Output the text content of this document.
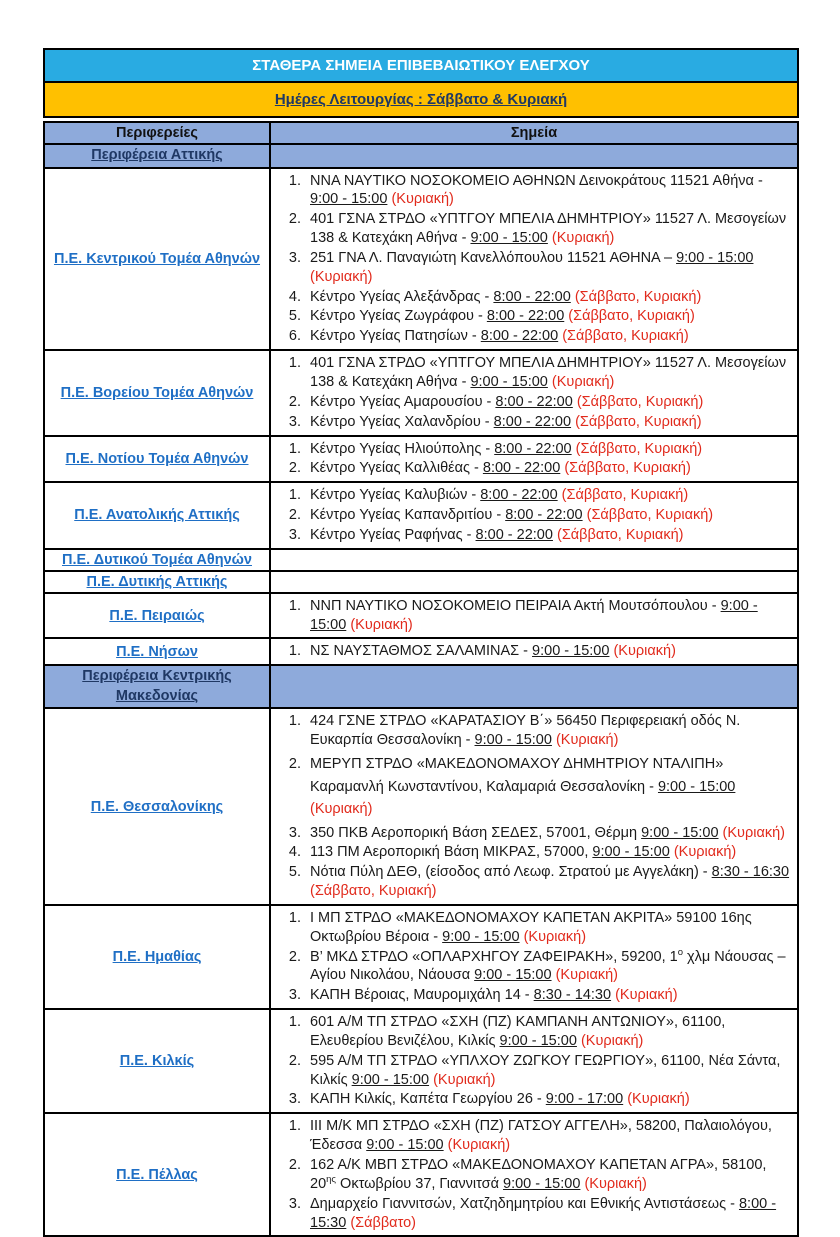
ΣΤΑΘΕΡΑ ΣΗΜΕΙΑ ΕΠΙΒΕΒΑΙΩΤΙΚΟΥ ΕΛΕΓΧΟΥ
Ημέρες Λειτουργίας : Σάββατο & Κυριακή
Περιφερείες	Σημεία

Περιφέρεια Αττικής	

Π.Ε. Κεντρικού Τομέα Αθηνών	
1. ΝΝΑ ΝΑΥΤΙΚΟ ΝΟΣΟΚΟΜΕΙΟ ΑΘΗΝΩΝ Δεινοκράτους 11521 Αθήνα - 9:00 - 15:00 (Κυριακή)
2. 401 ΓΣΝΑ ΣΤΡΔΟ «ΥΠΤΓΟΥ ΜΠΕΛΙΑ ΔΗΜΗΤΡΙΟΥ» 11527 Λ. Μεσογείων 138 & Κατεχάκη Αθήνα - 9:00 - 15:00 (Κυριακή)
3. 251 ΓΝΑ Λ. Παναγιώτη Κανελλόπουλου 11521 ΑΘΗΝΑ – 9:00 - 15:00 (Κυριακή)
4. Κέντρο Υγείας Αλεξάνδρας - 8:00 - 22:00 (Σάββατο, Κυριακή)
5. Κέντρο Υγείας Ζωγράφου - 8:00 - 22:00 (Σάββατο, Κυριακή)
6. Κέντρο Υγείας Πατησίων - 8:00 - 22:00 (Σάββατο, Κυριακή)

Π.Ε. Βορείου Τομέα Αθηνών	
1. 401 ΓΣΝΑ ΣΤΡΔΟ «ΥΠΤΓΟΥ ΜΠΕΛΙΑ ΔΗΜΗΤΡΙΟΥ» 11527 Λ. Μεσογείων 138 & Κατεχάκη Αθήνα - 9:00 - 15:00 (Κυριακή)
2. Κέντρο Υγείας Αμαρουσίου - 8:00 - 22:00 (Σάββατο, Κυριακή)
3. Κέντρο Υγείας Χαλανδρίου - 8:00 - 22:00 (Σάββατο, Κυριακή)

Π.Ε. Νοτίου Τομέα Αθηνών	
1. Κέντρο Υγείας Ηλιούπολης - 8:00 - 22:00 (Σάββατο, Κυριακή)
2. Κέντρο Υγείας Καλλιθέας - 8:00 - 22:00 (Σάββατο, Κυριακή)

Π.Ε. Ανατολικής Αττικής	
1. Κέντρο Υγείας Καλυβιών - 8:00 - 22:00 (Σάββατο, Κυριακή)
2. Κέντρο Υγείας Καπανδριτίου - 8:00 - 22:00 (Σάββατο, Κυριακή)
3. Κέντρο Υγείας Ραφήνας - 8:00 - 22:00 (Σάββατο, Κυριακή)

Π.Ε. Δυτικού Τομέα Αθηνών	
Π.Ε. Δυτικής Αττικής	
Π.Ε. Πειραιώς	
1. ΝΝΠ ΝΑΥΤΙΚΟ ΝΟΣΟΚΟΜΕΙΟ ΠΕΙΡΑΙΑ Ακτή Μουτσόπουλου - 9:00 - 15:00 (Κυριακή)

Π.Ε. Νήσων	
1.ΝΣ ΝΑΥΣΤΑΘΜΟΣ ΣΑΛΑΜΙΝΑΣ - 9:00 - 15:00 (Κυριακή)

Περιφέρεια Κεντρικής Μακεδονίας	

Π.Ε. Θεσσαλονίκης	
1. 424 ΓΣΝΕ ΣΤΡΔΟ «ΚΑΡΑΤΑΣΙΟΥ Β΄» 56450 Περιφερειακή οδός Ν. Ευκαρπία Θεσσαλονίκη - 9:00 - 15:00 (Κυριακή)
2. ΜΕΡΥΠ ΣΤΡΔΟ «ΜΑΚΕΔΟΝΟΜΑΧΟΥ ΔΗΜΗΤΡΙΟΥ ΝΤΑΛΙΠΗ» Καραμανλή Κωνσταντίνου, Καλαμαριά Θεσσαλονίκη - 9:00 - 15:00 (Κυριακή)
3. 350 ΠΚΒ Αεροπορική Βάση ΣΕΔΕΣ, 57001, Θέρμη 9:00 - 15:00 (Κυριακή)
4. 113 ΠΜ Αεροπορική Βάση ΜΙΚΡΑΣ, 57000, 9:00 - 15:00 (Κυριακή)
5. Νότια Πύλη ΔΕΘ, (είσοδος από Λεωφ. Στρατού με Αγγελάκη) - 8:30 - 16:30 (Σάββατο, Κυριακή)

Π.Ε. Ημαθίας	
1. Ι ΜΠ ΣΤΡΔΟ «ΜΑΚΕΔΟΝΟΜΑΧΟΥ ΚΑΠΕΤΑΝ ΑΚΡΙΤΑ» 59100 16ης Οκτωβρίου Βέροια - 9:00 - 15:00 (Κυριακή)
2. Β’ ΜΚΔ ΣΤΡΔΟ «ΟΠΛΑΡΧΗΓΟΥ ΖΑΦΕΙΡΑΚΗ», 59200, $1^o$ χλμ Νάουσας – Αγίου Νικολάου, Νάουσα 9:00 - 15:00 (Κυριακή)
3. ΚΑΠΗ Βέροιας, Μαυρομιχάλη 14 - 8:30 - 14:30 (Κυριακή)

Π.Ε. Κιλκίς	
1. 601 Α/Μ ΤΠ ΣΤΡΔΟ «ΣΧΗ (ΠΖ) ΚΑΜΠΑΝΗ ΑΝΤΩΝΙΟΥ», 61100, Ελευθερίου Βενιζέλου, Κιλκίς 9:00 - 15:00 (Κυριακή)
2. 595 Α/Μ ΤΠ ΣΤΡΔΟ «ΥΠΛΧΟΥ ΖΩΓΚΟΥ ΓΕΩΡΓΙΟΥ», 61100, Νέα Σάντα, Κιλκίς 9:00 - 15:00 (Κυριακή)
3. ΚΑΠΗ Κιλκίς, Καπέτα Γεωργίου 26 - 9:00 - 17:00 (Κυριακή)

Π.Ε. Πέλλας	
1. ΙΙΙ Μ/Κ ΜΠ ΣΤΡΔΟ «ΣΧΗ (ΠΖ) ΓΑΤΣΟΥ ΑΓΓΕΛΗ», 58200, Παλαιολόγου, Έδεσσα 9:00 - 15:00 (Κυριακή)
2. 162 Α/Κ ΜΒΠ ΣΤΡΔΟ «ΜΑΚΕΔΟΝΟΜΑΧΟΥ ΚΑΠΕΤΑΝ ΑΓΡΑ», 58100, $20^{\eta\varsigma}$ Οκτωβρίου 37, Γιαννιτσά 9:00 - 15:00 (Κυριακή)
3. Δημαρχείο Γιαννιτσών, Χατζηδημητρίου και Εθνικής Αντιστάσεως - 8:00 - 15:30 (Σάββατο)
